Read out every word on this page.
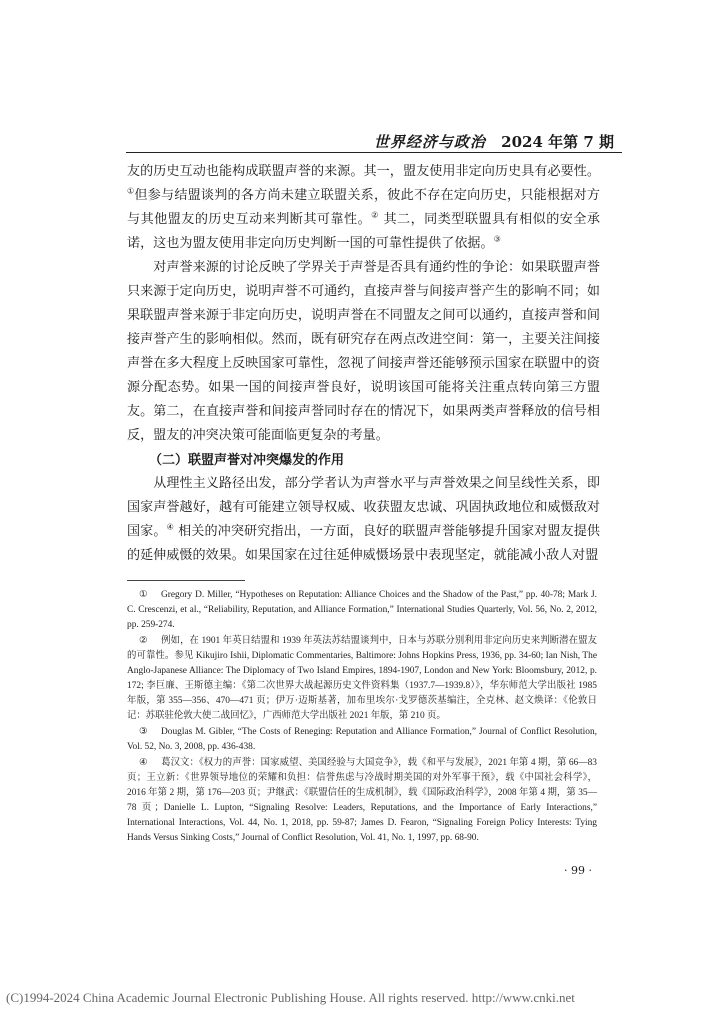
世界经济与政治 2024 年第 7 期

友的历史互动也能构成联盟声誉的来源。其一，盟友使用非定向历史具有必要性。①但参与结盟谈判的各方尚未建立联盟关系，彼此不存在定向历史，只能根据对方与其他盟友的历史互动来判断其可靠性。② 其二，同类型联盟具有相似的安全承诺，这也为盟友使用非定向历史判断一国的可靠性提供了依据。③

对声誉来源的讨论反映了学界关于声誉是否具有通约性的争论：如果联盟声誉只来源于定向历史，说明声誉不可通约，直接声誉与间接声誉产生的影响不同；如果联盟声誉来源于非定向历史，说明声誉在不同盟友之间可以通约，直接声誉和间接声誉产生的影响相似。然而，既有研究存在两点改进空间：第一，主要关注间接声誉在多大程度上反映国家可靠性，忽视了间接声誉还能够预示国家在联盟中的资源分配态势。如果一国的间接声誉良好，说明该国可能将关注重点转向第三方盟友。第二，在直接声誉和间接声誉同时存在的情况下，如果两类声誉释放的信号相反，盟友的冲突决策可能面临更复杂的考量。

（二）联盟声誉对冲突爆发的作用

从理性主义路径出发，部分学者认为声誉水平与声誉效果之间呈线性关系，即国家声誉越好，越有可能建立领导权威、收获盟友忠诚、巩固执政地位和威慑敌对国家。④ 相关的冲突研究指出，一方面，良好的联盟声誉能够提升国家对盟友提供的延伸威慑的效果。如果国家在过往延伸威慑场景中表现坚定，就能减小敌人对盟

① Gregory D. Miller, “Hypotheses on Reputation: Alliance Choices and the Shadow of the Past,” pp. 40-78; Mark J. C. Crescenzi, et al., “Reliability, Reputation, and Alliance Formation,” International Studies Quarterly, Vol. 56, No. 2, 2012, pp. 259-274.
② 例如，在 1901 年英日结盟和 1939 年英法苏结盟谈判中，日本与苏联分别利用非定向历史来判断潜在盟友的可靠性。参见 Kikujiro Ishii, Diplomatic Commentaries, Baltimore: Johns Hopkins Press, 1936, pp. 34-60; Ian Nish, The Anglo-Japanese Alliance: The Diplomacy of Two Island Empires, 1894-1907, London and New York: Bloomsbury, 2012, p. 172; 李巨廉、王斯德主编：《第二次世界大战起源历史文件资料集（1937.7—1939.8）》，华东师范大学出版社 1985 年版，第 355—356、470—471 页；伊万·迈斯基著，加布里埃尔·戈罗德茨基编注，全克林、赵文焕译：《伦敦日记：苏联驻伦敦大使二战回忆》，广西师范大学出版社 2021 年版，第 210 页。
③ Douglas M. Gibler, “The Costs of Reneging: Reputation and Alliance Formation,” Journal of Conflict Resolution, Vol. 52, No. 3, 2008, pp. 436-438.
④ 葛汉文：《权力的声誉：国家威望、美国经验与大国竞争》，载《和平与发展》，2021 年第 4 期，第 66—83 页；王立新：《世界领导地位的荣耀和负担：信誉焦虑与冷战时期美国的对外军事干预》，载《中国社会科学》，2016 年第 2 期，第 176—203 页；尹继武：《联盟信任的生成机制》，载《国际政治科学》，2008 年第 4 期，第 35—78 页；Danielle L. Lupton, “Signaling Resolve: Leaders, Reputations, and the Importance of Early Interactions,” International Interactions, Vol. 44, No. 1, 2018, pp. 59-87; James D. Fearon, “Signaling Foreign Policy Interests: Tying Hands Versus Sinking Costs,” Journal of Conflict Resolution, Vol. 41, No. 1, 1997, pp. 68-90.
· 99 ·
(C)1994-2024 China Academic Journal Electronic Publishing House. All rights reserved. http://www.cnki.net
